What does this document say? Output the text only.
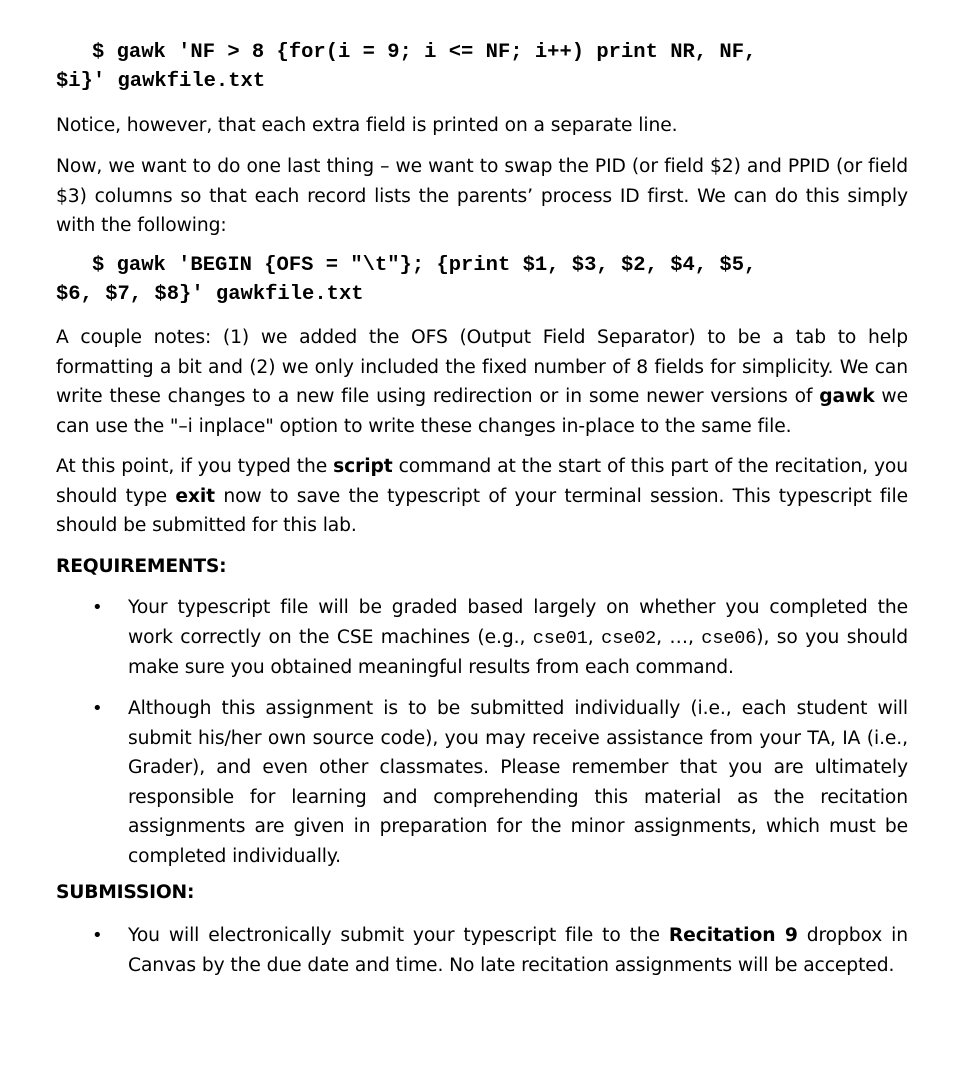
$ gawk 'NF > 8 {for(i = 9; i <= NF; i++) print NR, NF,
$i}' gawkfile.txt
Notice, however, that each extra field is printed on a separate line.
Now, we want to do one last thing – we want to swap the PID (or field $2) and PPID (or field $3) columns so that each record lists the parents’ process ID first. We can do this simply with the following:
$ gawk 'BEGIN {OFS = "\t"}; {print $1, $3, $2, $4, $5,
$6, $7, $8}' gawkfile.txt
A couple notes: (1) we added the OFS (Output Field Separator) to be a tab to help formatting a bit and (2) we only included the fixed number of 8 fields for simplicity. We can write these changes to a new file using redirection or in some newer versions of gawk we can use the "–i inplace" option to write these changes in-place to the same file.
At this point, if you typed the script command at the start of this part of the recitation, you should type exit now to save the typescript of your terminal session. This typescript file should be submitted for this lab.
REQUIREMENTS:
• Your typescript file will be graded based largely on whether you completed the work correctly on the CSE machines (e.g., cse01, cse02, …, cse06), so you should make sure you obtained meaningful results from each command.
• Although this assignment is to be submitted individually (i.e., each student will submit his/her own source code), you may receive assistance from your TA, IA (i.e., Grader), and even other classmates. Please remember that you are ultimately responsible for learning and comprehending this material as the recitation assignments are given in preparation for the minor assignments, which must be completed individually.
SUBMISSION:
• You will electronically submit your typescript file to the Recitation 9 dropbox in Canvas by the due date and time. No late recitation assignments will be accepted.
